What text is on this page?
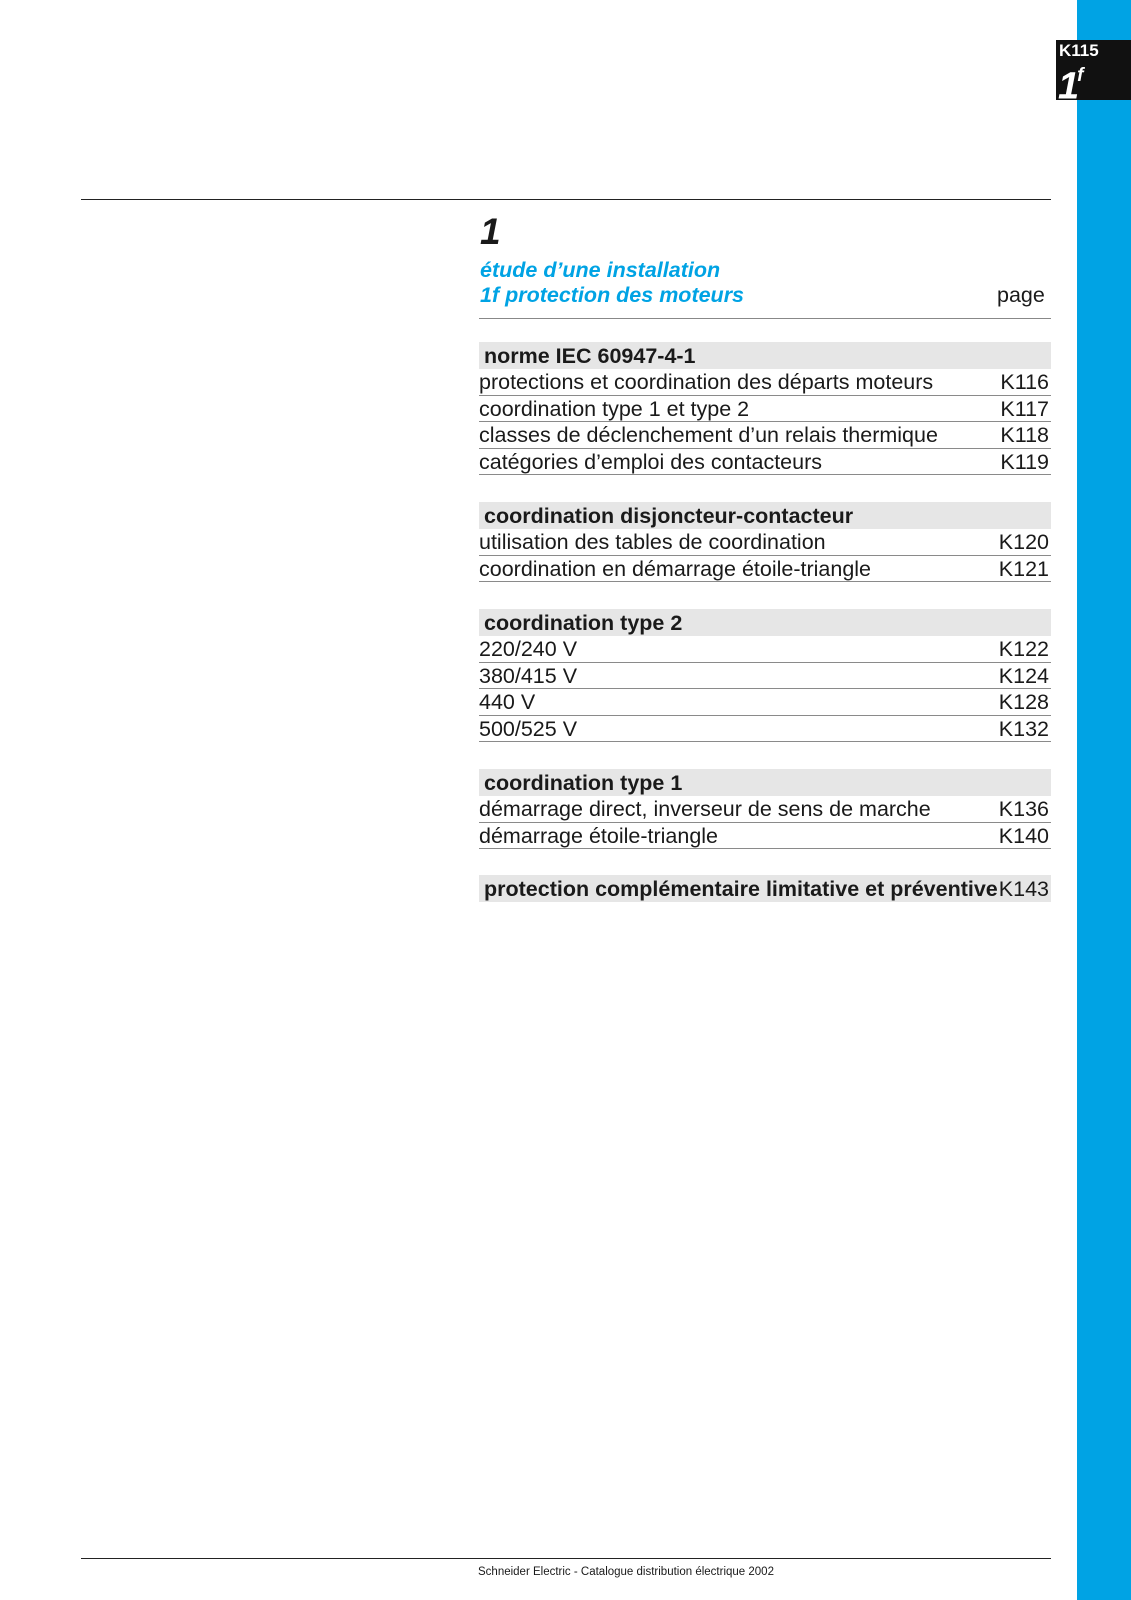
K115
1$^f$
1
étude d’une installation
1f protection des moteurs	page
norme IEC 60947-4-1
protections et coordination des départs moteurs	K116
coordination type 1 et type 2	K117
classes de déclenchement d’un relais thermique	K118
catégories d’emploi des contacteurs	K119
coordination disjoncteur-contacteur
utilisation des tables de coordination	K120
coordination en démarrage étoile-triangle	K121
coordination type 2
220/240 V	K122
380/415 V	K124
440 V	K128
500/525 V	K132
coordination type 1
démarrage direct, inverseur de sens de marche	K136
démarrage étoile-triangle	K140
protection complémentaire limitative et préventive K143
Schneider Electric - Catalogue distribution électrique 2002
